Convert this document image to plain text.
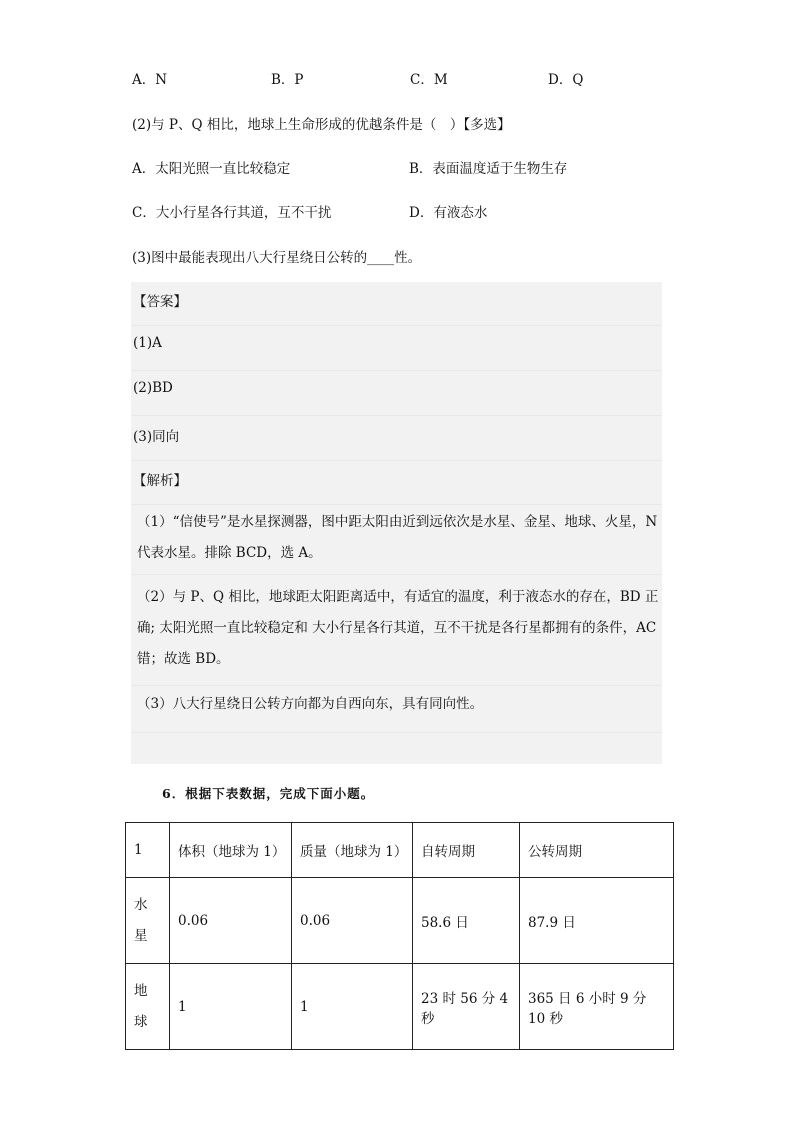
A．N	B．P	C．M	D．Q
(2)与 P、Q 相比，地球上生命形成的优越条件是（　）【多选】
A．太阳光照一直比较稳定	B．表面温度适于生物生存
C．大小行星各行其道，互不干扰	D．有液态水
(3)图中最能表现出八大行星绕日公转的____性。
【答案】
(1)A
(2)BD
(3)同向
【解析】
（1）“信使号”是水星探测器，图中距太阳由近到远依次是水星、金星、地球、火星，N 代表水星。排除 BCD，选 A。
（2）与 P、Q 相比，地球距太阳距离适中，有适宜的温度，利于液态水的存在，BD 正确; 太阳光照一直比较稳定和 大小行星各行其道，互不干扰是各行星都拥有的条件，AC 错；故选 BD。
（3）八大行星绕日公转方向都为自西向东，具有同向性。
6．根据下表数据，完成下面小题。
1	体积（地球为 1）	质量（地球为 1）	自转周期	公转周期

水星	0.06	0.06	58.6 日	87.9 日

地球	1	1	23 时 56 分 4 秒	365 日 6 小时 9 分 10 秒
